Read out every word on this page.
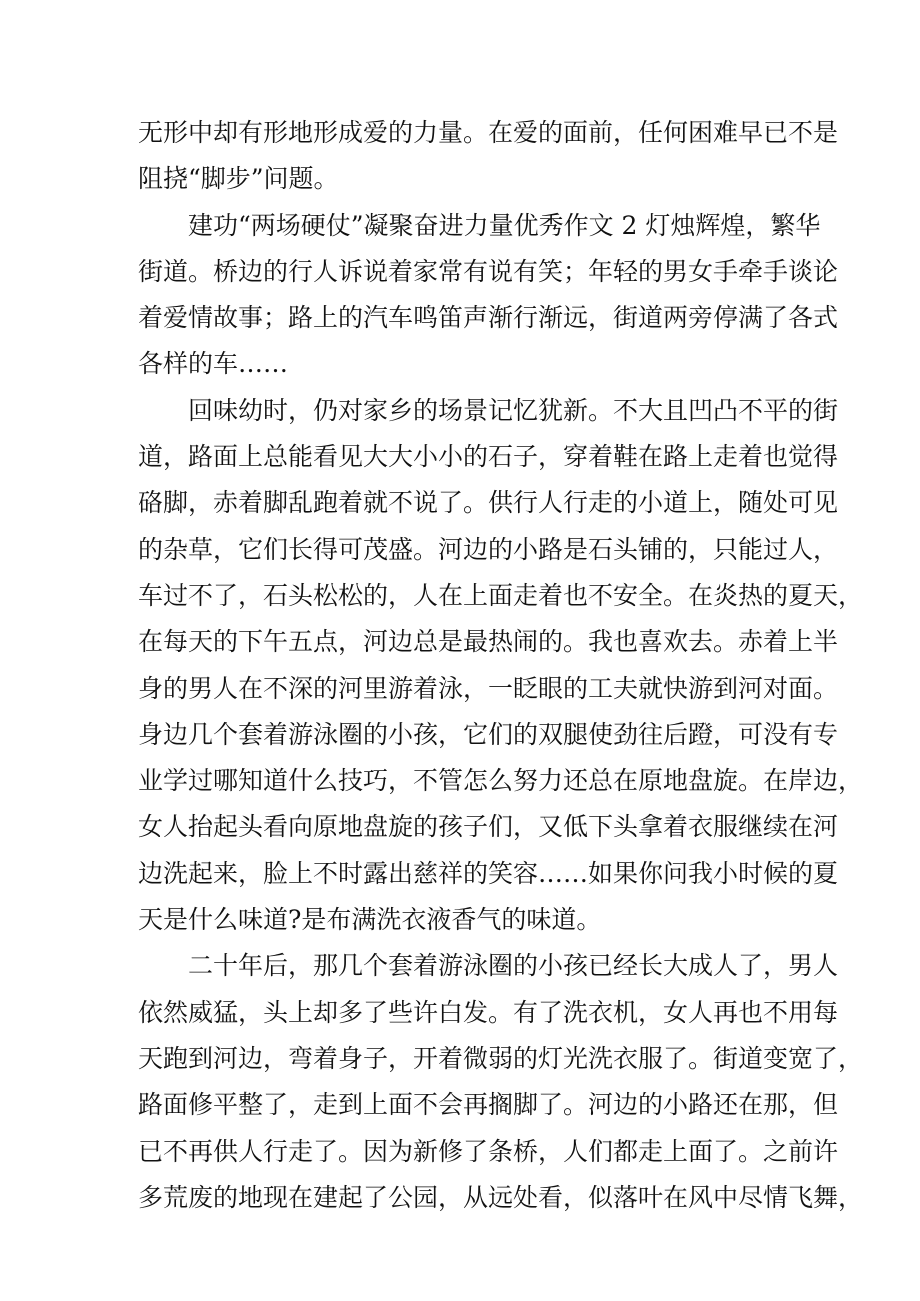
无形中却有形地形成爱的力量。在爱的面前，任何困难早已不是
阻挠“脚步”问题。
　　建功“两场硬仗”凝聚奋进力量优秀作文 2 灯烛辉煌，繁华
街道。桥边的行人诉说着家常有说有笑；年轻的男女手牵手谈论
着爱情故事；路上的汽车鸣笛声渐行渐远，街道两旁停满了各式
各样的车……
　　回味幼时，仍对家乡的场景记忆犹新。不大且凹凸不平的街
道，路面上总能看见大大小小的石子，穿着鞋在路上走着也觉得
硌脚，赤着脚乱跑着就不说了。供行人行走的小道上，随处可见
的杂草，它们长得可茂盛。河边的小路是石头铺的，只能过人，
车过不了，石头松松的，人在上面走着也不安全。在炎热的夏天，
在每天的下午五点，河边总是最热闹的。我也喜欢去。赤着上半
身的男人在不深的河里游着泳，一眨眼的工夫就快游到河对面。
身边几个套着游泳圈的小孩，它们的双腿使劲往后蹬，可没有专
业学过哪知道什么技巧，不管怎么努力还总在原地盘旋。在岸边，
女人抬起头看向原地盘旋的孩子们，又低下头拿着衣服继续在河
边洗起来，脸上不时露出慈祥的笑容……如果你问我小时候的夏
天是什么味道?是布满洗衣液香气的味道。
　　二十年后，那几个套着游泳圈的小孩已经长大成人了，男人
依然威猛，头上却多了些许白发。有了洗衣机，女人再也不用每
天跑到河边，弯着身子，开着微弱的灯光洗衣服了。街道变宽了，
路面修平整了，走到上面不会再搁脚了。河边的小路还在那，但
已不再供人行走了。因为新修了条桥，人们都走上面了。之前许
多荒废的地现在建起了公园，从远处看，似落叶在风中尽情飞舞，
